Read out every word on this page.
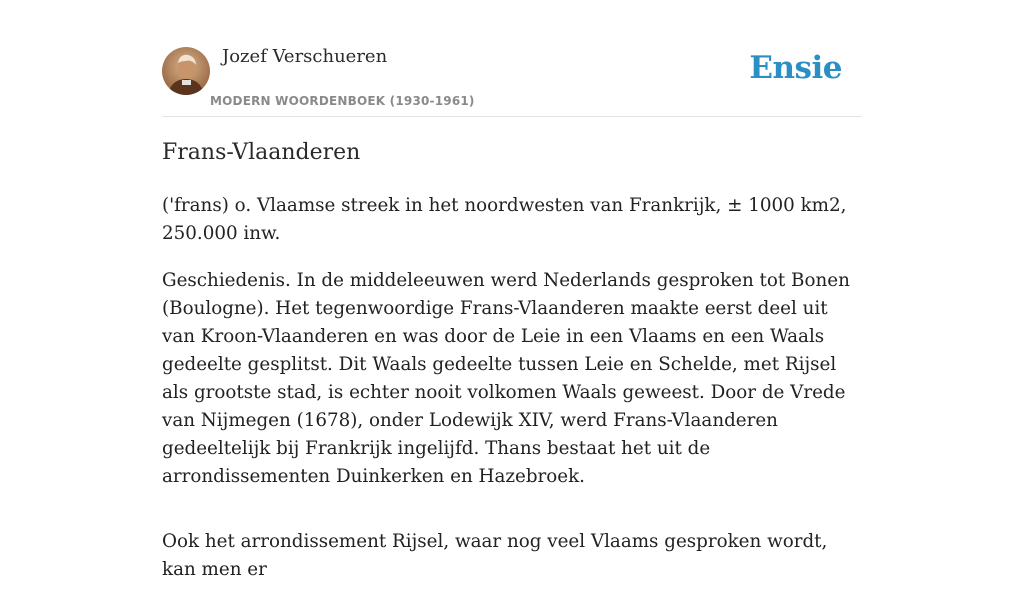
Jozef Verschueren
MODERN WOORDENBOEK (1930-1961)
Ensie
Frans-Vlaanderen

('frans) o. Vlaamse streek in het noordwesten van Frankrijk, ± 1000 km2, 250.000 inw.

Geschiedenis. In de middeleeuwen werd Nederlands gesproken tot Bonen (Boulogne). Het tegenwoordige Frans-Vlaanderen maakte eerst deel uit van Kroon-Vlaanderen en was door de Leie in een Vlaams en een Waals gedeelte gesplitst. Dit Waals gedeelte tussen Leie en Schelde, met Rijsel als grootste stad, is echter nooit volkomen Waals geweest. Door de Vrede van Nijmegen (1678), onder Lodewijk XIV, werd Frans-Vlaanderen gedeeltelijk bij Frankrijk ingelijfd. Thans bestaat het uit de arrondissementen Duinkerken en Hazebroek.

Ook het arrondissement Rijsel, waar nog veel Vlaams gesproken wordt, kan men er
